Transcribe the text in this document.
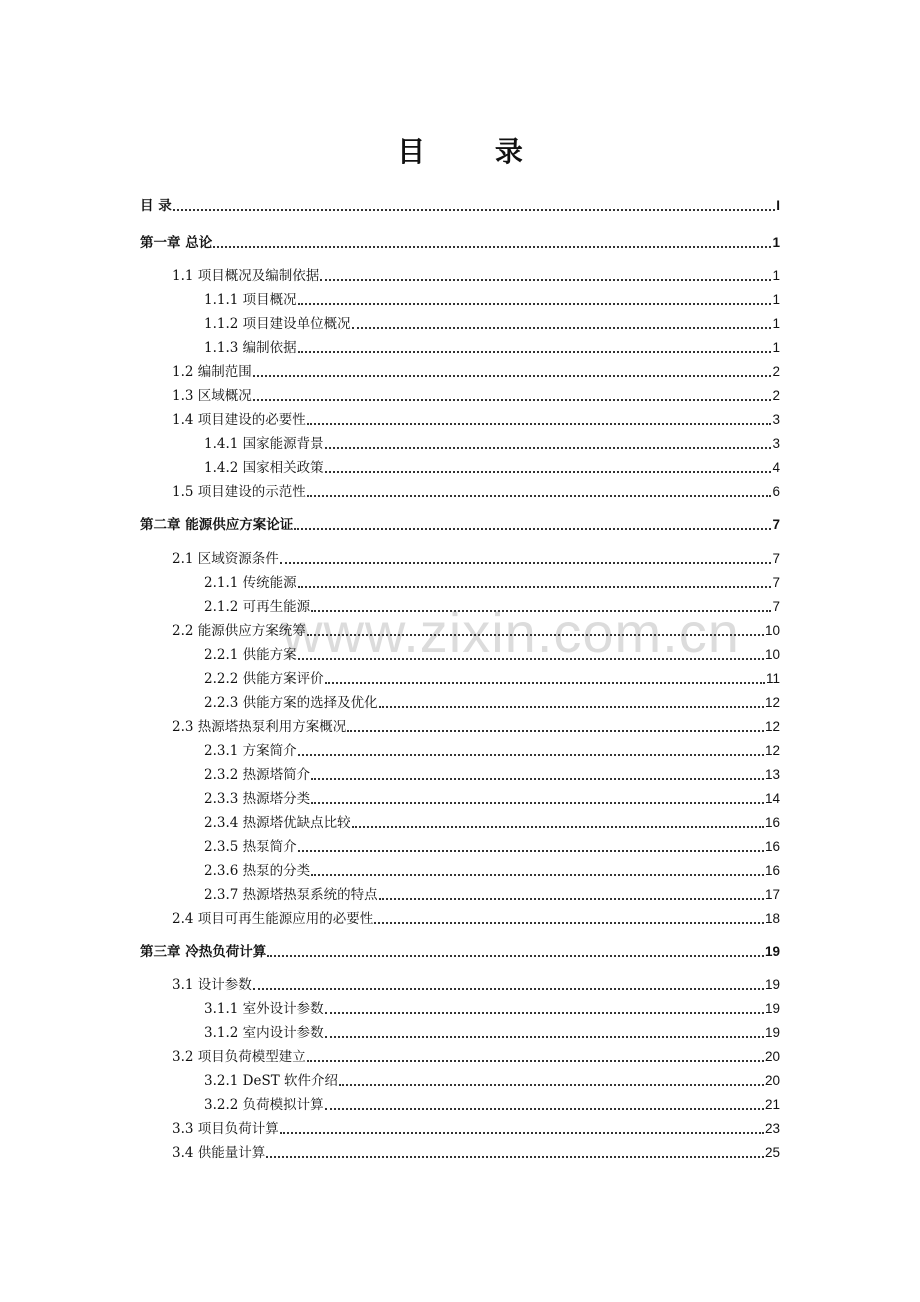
目 录
www.zixin.com.cn
目 录	I
第一章 总论	1
1.1 项目概况及编制依据	1
1.1.1 项目概况	1
1.1.2 项目建设单位概况	1
1.1.3 编制依据	1
1.2 编制范围	2
1.3 区域概况	2
1.4 项目建设的必要性	3
1.4.1 国家能源背景	3
1.4.2 国家相关政策	4
1.5 项目建设的示范性	6
第二章 能源供应方案论证	7
2.1 区域资源条件	7
2.1.1 传统能源	7
2.1.2 可再生能源	7
2.2 能源供应方案统筹	10
2.2.1 供能方案	10
2.2.2 供能方案评价	11
2.2.3 供能方案的选择及优化	12
2.3 热源塔热泵利用方案概况	12
2.3.1 方案简介	12
2.3.2 热源塔简介	13
2.3.3 热源塔分类	14
2.3.4 热源塔优缺点比较	16
2.3.5 热泵简介	16
2.3.6 热泵的分类	16
2.3.7 热源塔热泵系统的特点	17
2.4 项目可再生能源应用的必要性	18
第三章 冷热负荷计算	19
3.1 设计参数	19
3.1.1 室外设计参数	19
3.1.2 室内设计参数	19
3.2 项目负荷模型建立	20
3.2.1 DeST 软件介绍	20
3.2.2 负荷模拟计算	21
3.3 项目负荷计算	23
3.4 供能量计算	25
